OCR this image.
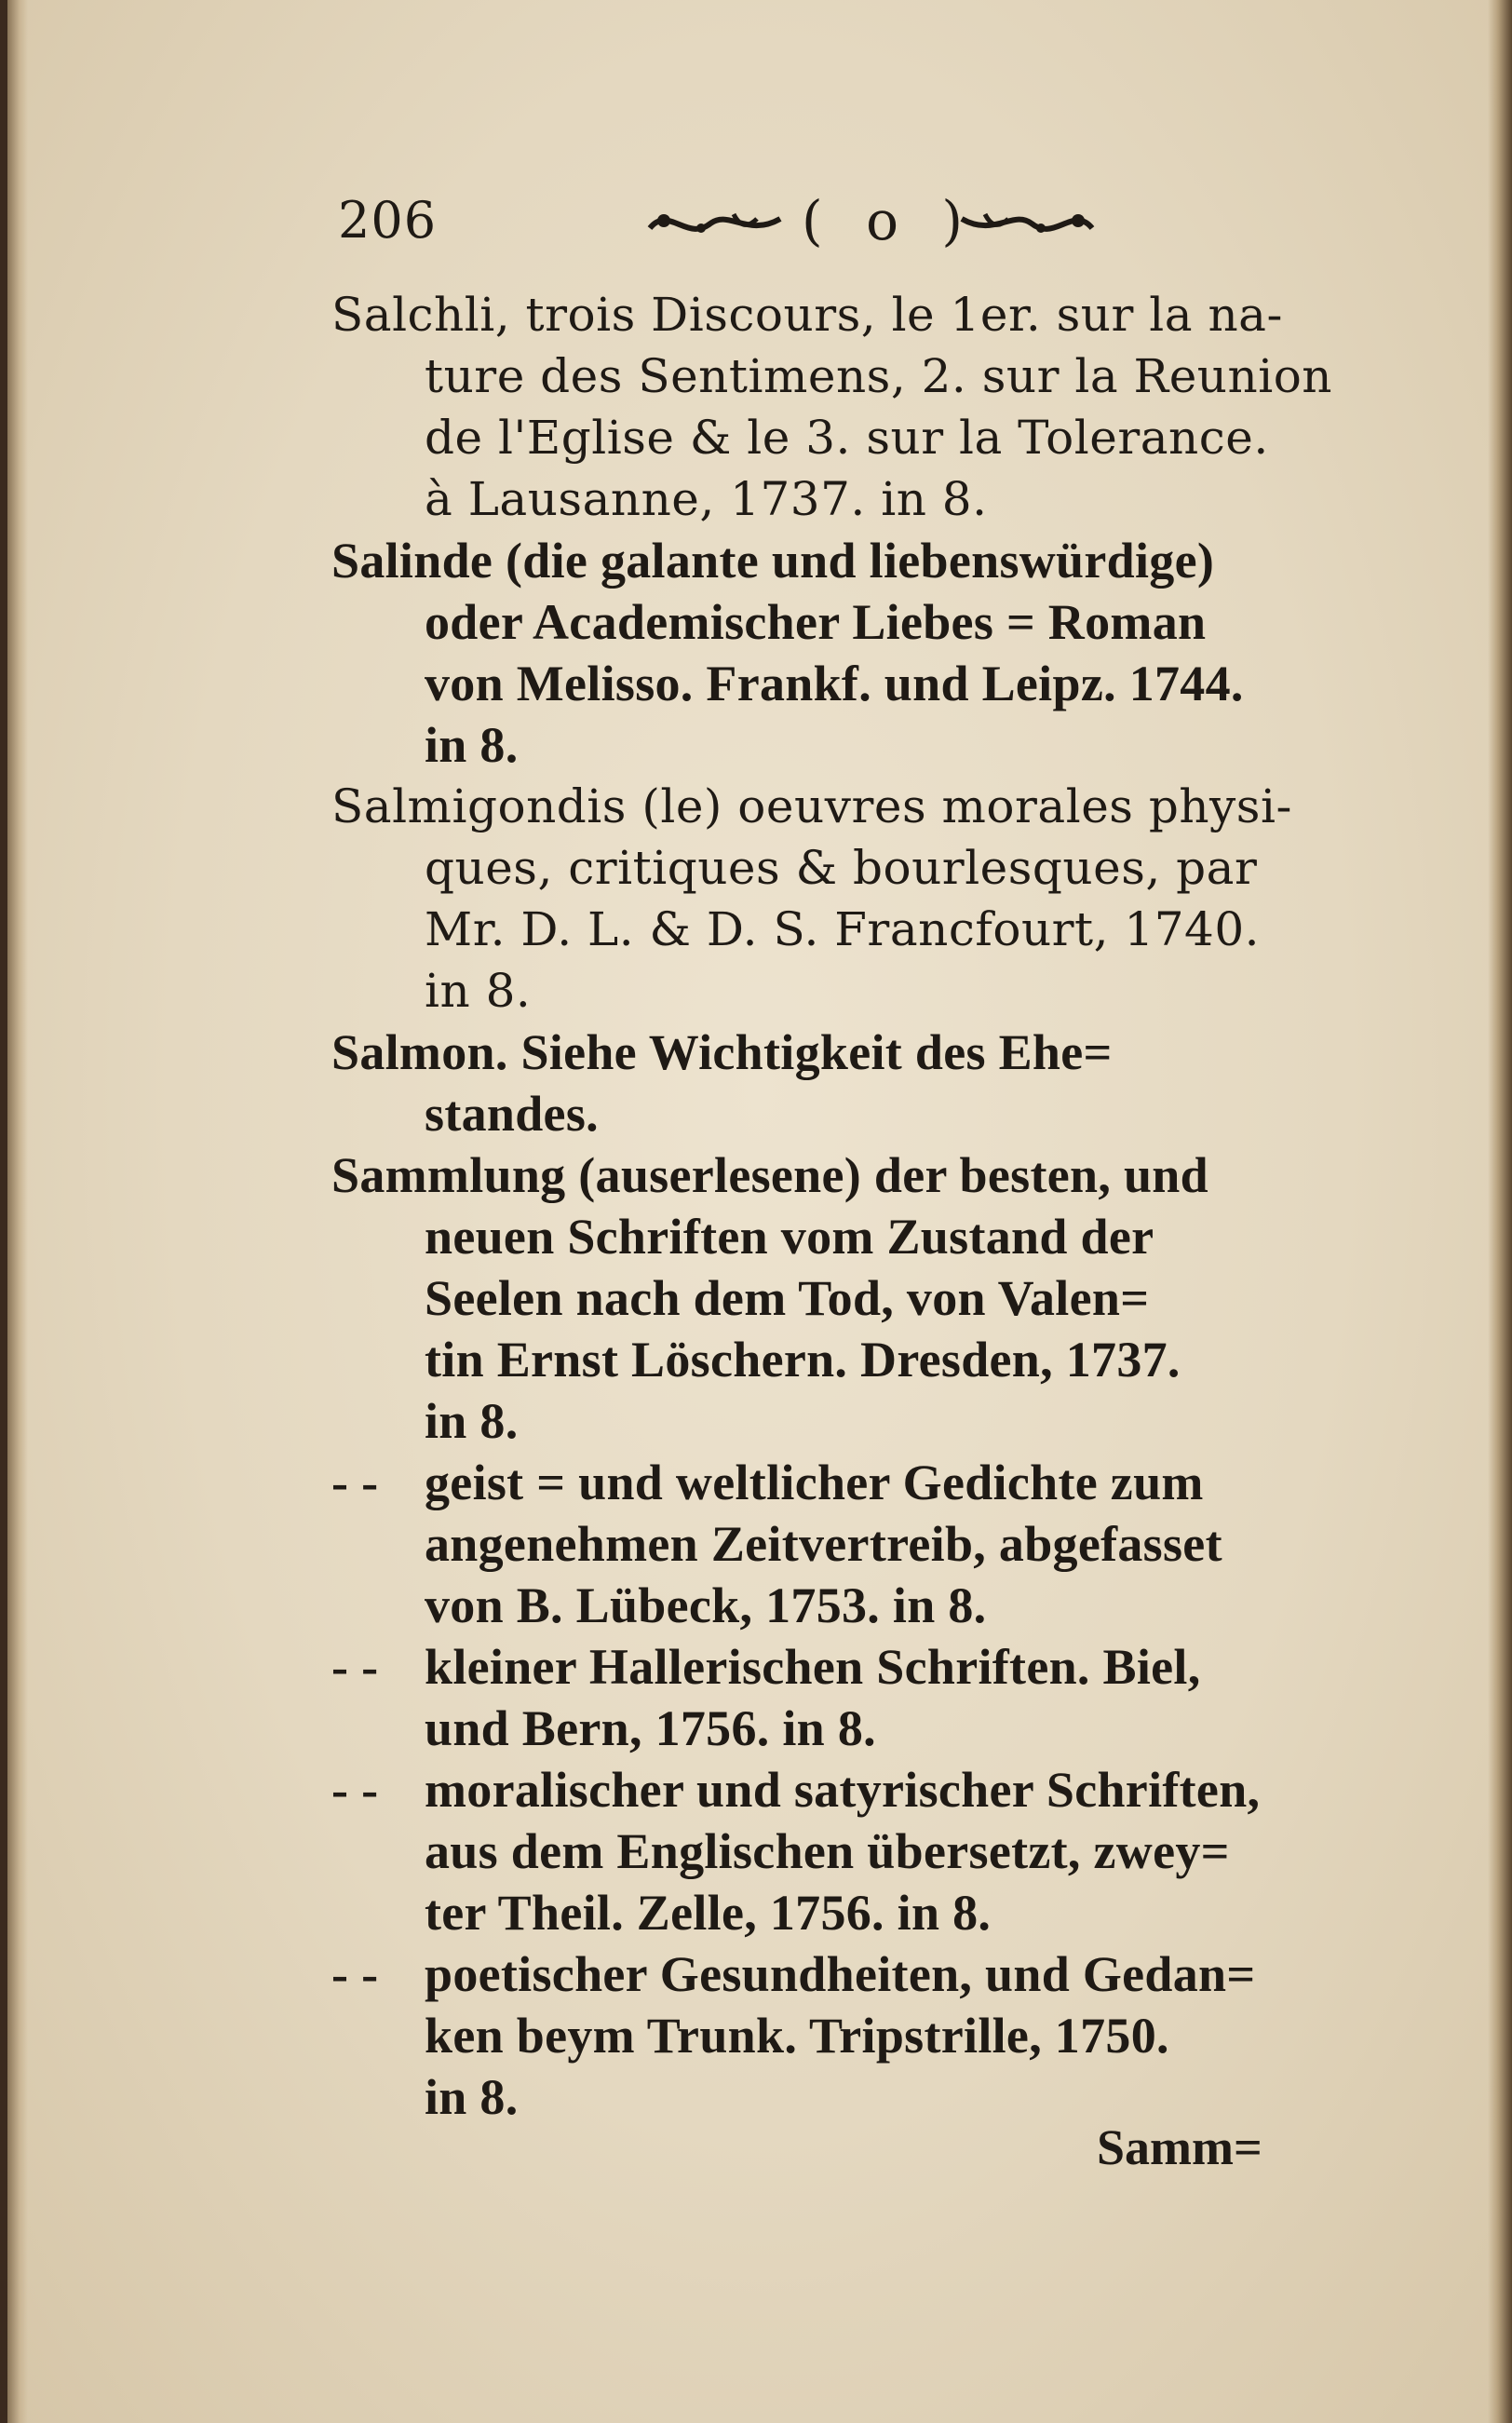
206	( o )
Salchli, trois Discours, le 1er. sur la na-
ture des Sentimens, 2. sur la Reunion
de l'Eglise & le 3. sur la Tolerance.
à Lausanne, 1737. in 8.
Salinde (die galante und liebenswürdige)
oder Academischer Liebes = Roman
von Melisso. Frankf. und Leipz. 1744.
in 8.
Salmigondis (le) oeuvres morales physi-
ques, critiques & bourlesques, par
Mr. D. L. & D. S. Francfourt, 1740.
in 8.
Salmon. Siehe Wichtigkeit des Ehe=
standes.
Sammlung (auserlesene) der besten, und
neuen Schriften vom Zustand der
Seelen nach dem Tod, von Valen=
tin Ernst Löschern. Dresden, 1737.
in 8.
- - geist = und weltlicher Gedichte zum
angenehmen Zeitvertreib, abgefasset
von B. Lübeck, 1753. in 8.
- - kleiner Hallerischen Schriften. Biel,
und Bern, 1756. in 8.
- - moralischer und satyrischer Schriften,
aus dem Englischen übersetzt, zwey=
ter Theil. Zelle, 1756. in 8.
- - poetischer Gesundheiten, und Gedan=
ken beym Trunk. Tripstrille, 1750.
in 8.
Samm=
